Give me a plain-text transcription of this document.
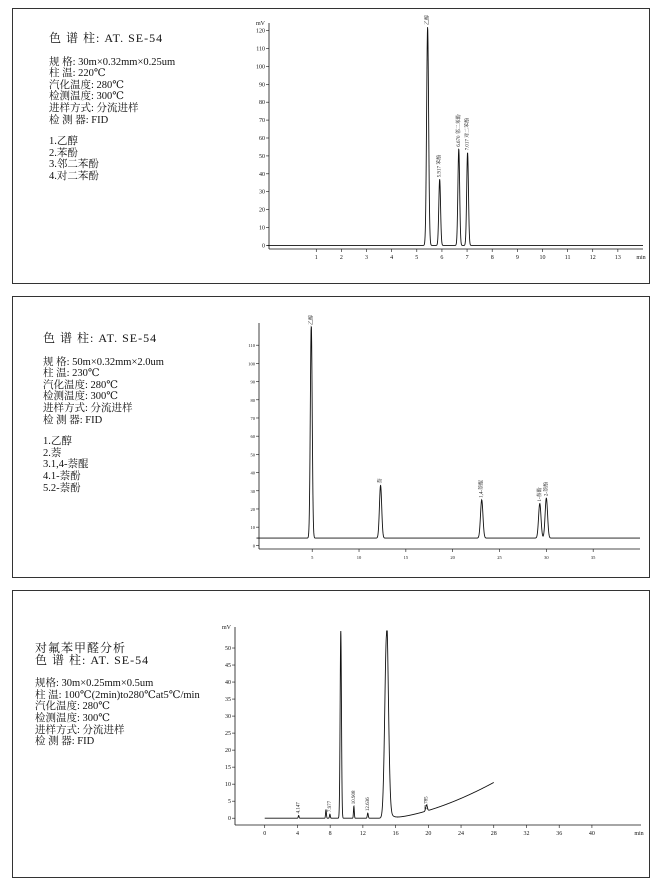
色 谱 柱: AT. SE-54
规 格: 30m×0.32mm×0.25um
柱 温: 220℃
汽化温度: 280℃
检测温度: 300℃
进样方式: 分流进样
检 测 器: FID
1.乙醇
2.苯酚
3.邻二苯酚
4.对二苯酚
0
10
20
30
40
50
60
70
80
90
100
110
120
mV
1	2	3	4	5	6	7	8	9	10	11	12	13	min
乙醇
5.917 苯酚
6.670 邻二苯酚 7.017 对二苯酚
色 谱 柱: AT. SE-54
规 格: 50m×0.32mm×2.0um
柱 温: 230℃
汽化温度: 280℃
检测温度: 300℃
进样方式: 分流进样
检 测 器: FID
1.乙醇
2.萘
3.1,4-萘醌
4.1-萘酚
5.2-萘酚
0
10
20
30
40
50
60
70
80
90
100
110
5	10	15	20	25	30	35
乙醇
萘	1,4-萘醌	1-萘酚 2-萘酚
对氟苯甲醛分析
色 谱 柱: AT. SE-54
规格: 30m×0.25mm×0.5um
柱 温: 100℃(2min)to280℃at5℃/min
汽化温度: 280℃
检测温度: 300℃
进样方式: 分流进样
检 测 器: FID
0
5
10
15
20
25
30
35
40
45
50
mV
0	4	8	12	16	20	24	28	32	36	40	min
4.147	7.977
10.908 12.636	19.785
